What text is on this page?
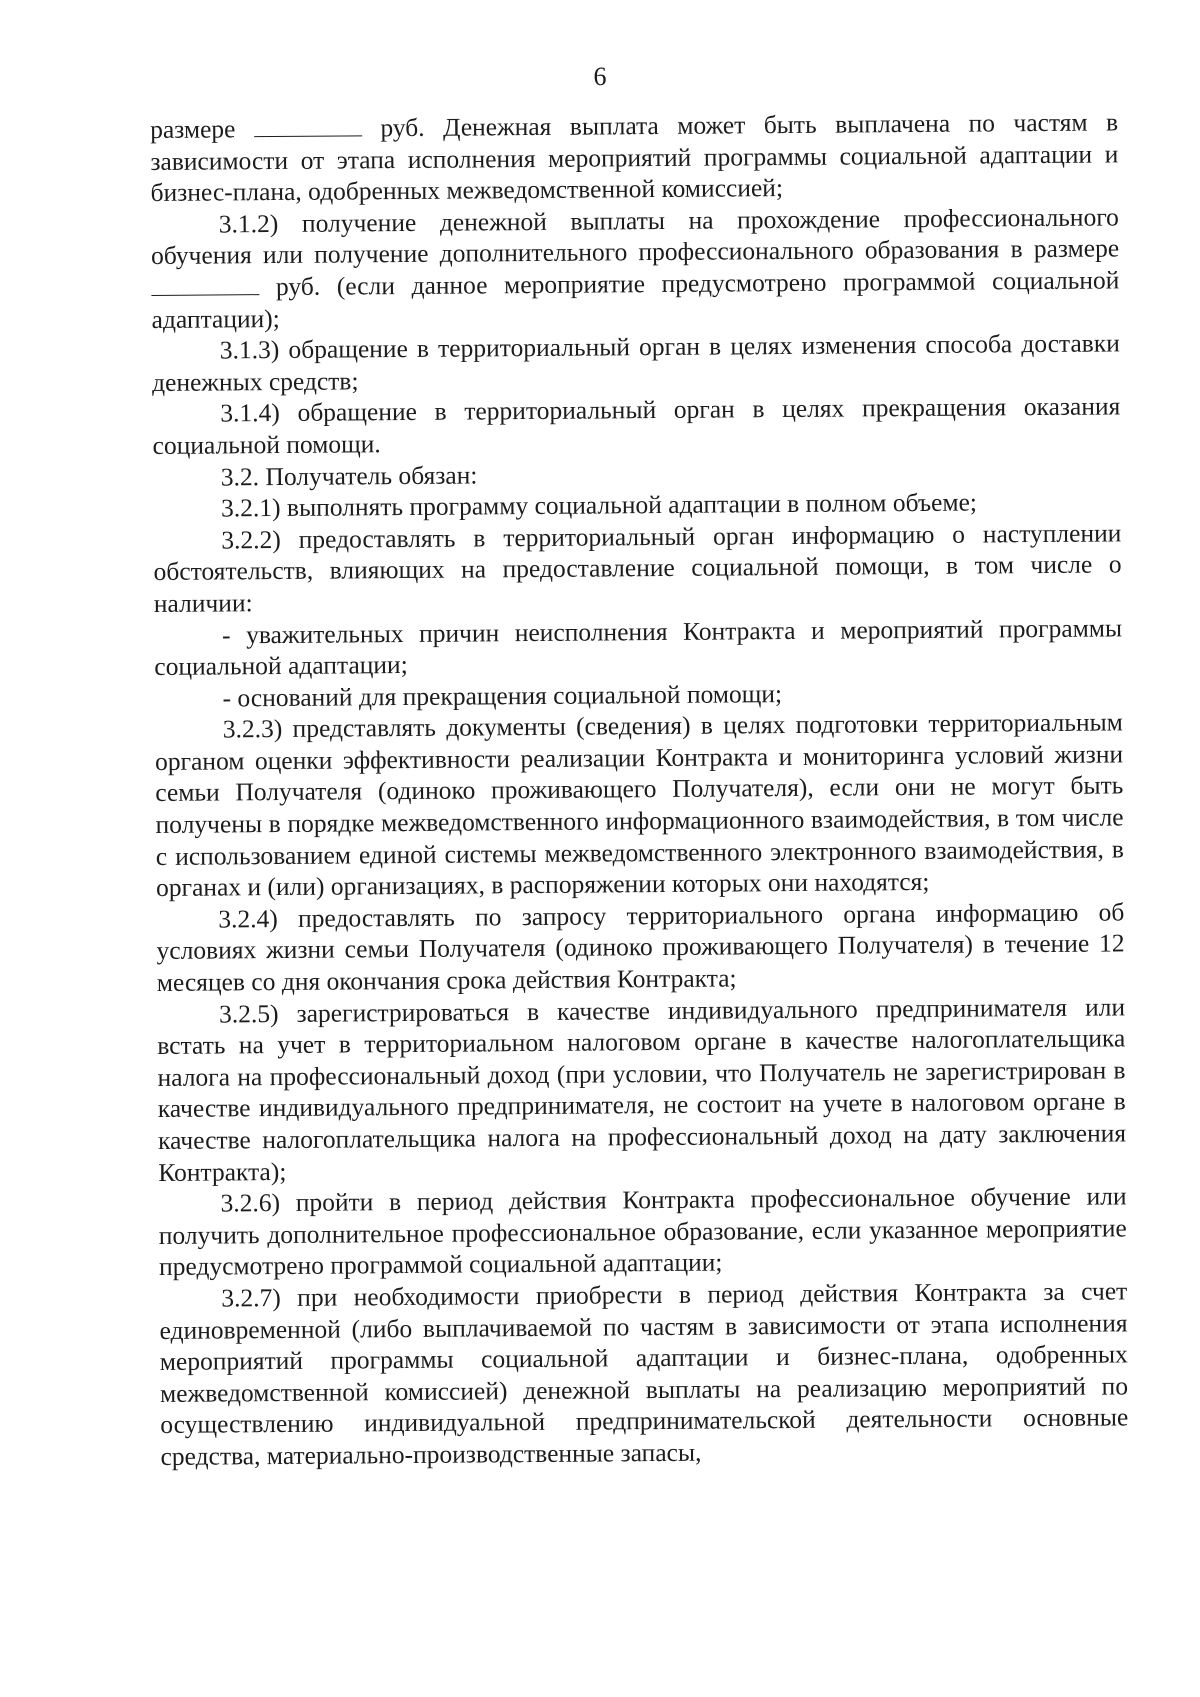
6

размере	руб. Денежная выплата может быть выплачена по частям в зависимости от этапа исполнения мероприятий программы социальной адаптации и бизнес-плана, одобренных межведомственной комиссией;

3.1.2) получение денежной выплаты на прохождение профессионального обучения или получение дополнительного профессионального образования в размере  руб. (если данное мероприятие предусмотрено программой социальной адаптации);

3.1.3) обращение в территориальный орган в целях изменения способа доставки денежных средств;

3.1.4) обращение в территориальный орган в целях прекращения оказания социальной помощи.

3.2. Получатель обязан:

3.2.1) выполнять программу социальной адаптации в полном объеме;

3.2.2) предоставлять в территориальный орган информацию о наступлении обстоятельств, влияющих на предоставление социальной помощи, в том числе о наличии:

- уважительных причин неисполнения Контракта и мероприятий программы социальной адаптации;

- оснований для прекращения социальной помощи;

3.2.3) представлять документы (сведения) в целях подготовки территориальным органом оценки эффективности реализации Контракта и мониторинга условий жизни семьи Получателя (одиноко проживающего Получателя), если они не могут быть получены в порядке межведомственного информационного взаимодействия, в том числе с использованием единой системы межведомственного электронного взаимодействия, в органах и (или) организациях, в распоряжении которых они находятся;

3.2.4) предоставлять по запросу территориального органа информацию об условиях жизни семьи Получателя (одиноко проживающего Получателя) в течение 12 месяцев со дня окончания срока действия Контракта;

3.2.5) зарегистрироваться в качестве индивидуального предпринимателя или встать на учет в территориальном налоговом органе в качестве налогоплательщика налога на профессиональный доход (при условии, что Получатель не зарегистрирован в качестве индивидуального предпринимателя, не состоит на учете в налоговом органе в качестве налогоплательщика налога на профессиональный доход на дату заключения Контракта);

3.2.6) пройти в период действия Контракта профессиональное обучение или получить дополнительное профессиональное образование, если указанное мероприятие предусмотрено программой социальной адаптации;

3.2.7) при необходимости приобрести в период действия Контракта за счет единовременной (либо выплачиваемой по частям в зависимости от этапа исполнения мероприятий программы социальной адаптации и бизнес-плана, одобренных межведомственной комиссией) денежной выплаты на реализацию мероприятий по осуществлению индивидуальной предпринимательской деятельности основные средства, материально-производственные запасы,
